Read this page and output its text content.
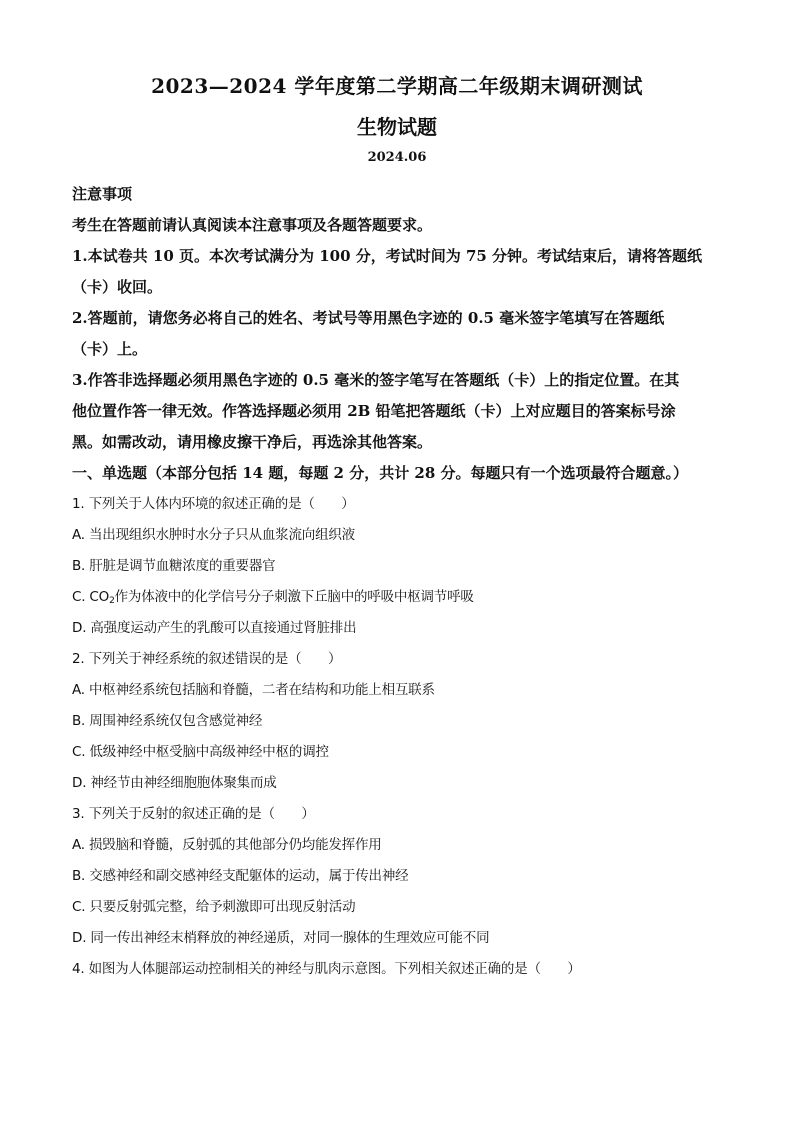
2023—2024 学年度第二学期高二年级期末调研测试
生物试题
2024.06
注意事项
考生在答题前请认真阅读本注意事项及各题答题要求。
1.本试卷共 10 页。本次考试满分为 100 分，考试时间为 75 分钟。考试结束后，请将答题纸
（卡）收回。
2.答题前，请您务必将自己的姓名、考试号等用黑色字迹的 0.5 毫米签字笔填写在答题纸
（卡）上。
3.作答非选择题必须用黑色字迹的 0.5 毫米的签字笔写在答题纸（卡）上的指定位置。在其
他位置作答一律无效。作答选择题必须用 2B 铅笔把答题纸（卡）上对应题目的答案标号涂
黑。如需改动，请用橡皮擦干净后，再选涂其他答案。
一、单选题（本部分包括 14 题，每题 2 分，共计 28 分。每题只有一个选项最符合题意。）
1. 下列关于人体内环境的叙述正确的是（　　）
A. 当出现组织水肿时水分子只从血浆流向组织液
B. 肝脏是调节血糖浓度的重要器官
C. $CO_2$作为体液中的化学信号分子刺激下丘脑中的呼吸中枢调节呼吸
D. 高强度运动产生的乳酸可以直接通过肾脏排出
2. 下列关于神经系统的叙述错误的是（　　）
A. 中枢神经系统包括脑和脊髓，二者在结构和功能上相互联系
B. 周围神经系统仅包含感觉神经
C. 低级神经中枢受脑中高级神经中枢的调控
D. 神经节由神经细胞胞体聚集而成
3. 下列关于反射的叙述正确的是（　　）
A. 损毁脑和脊髓，反射弧的其他部分仍均能发挥作用
B. 交感神经和副交感神经支配躯体的运动，属于传出神经
C. 只要反射弧完整，给予刺激即可出现反射活动
D. 同一传出神经末梢释放的神经递质，对同一腺体的生理效应可能不同
4. 如图为人体腿部运动控制相关的神经与肌肉示意图。下列相关叙述正确的是（　　）
